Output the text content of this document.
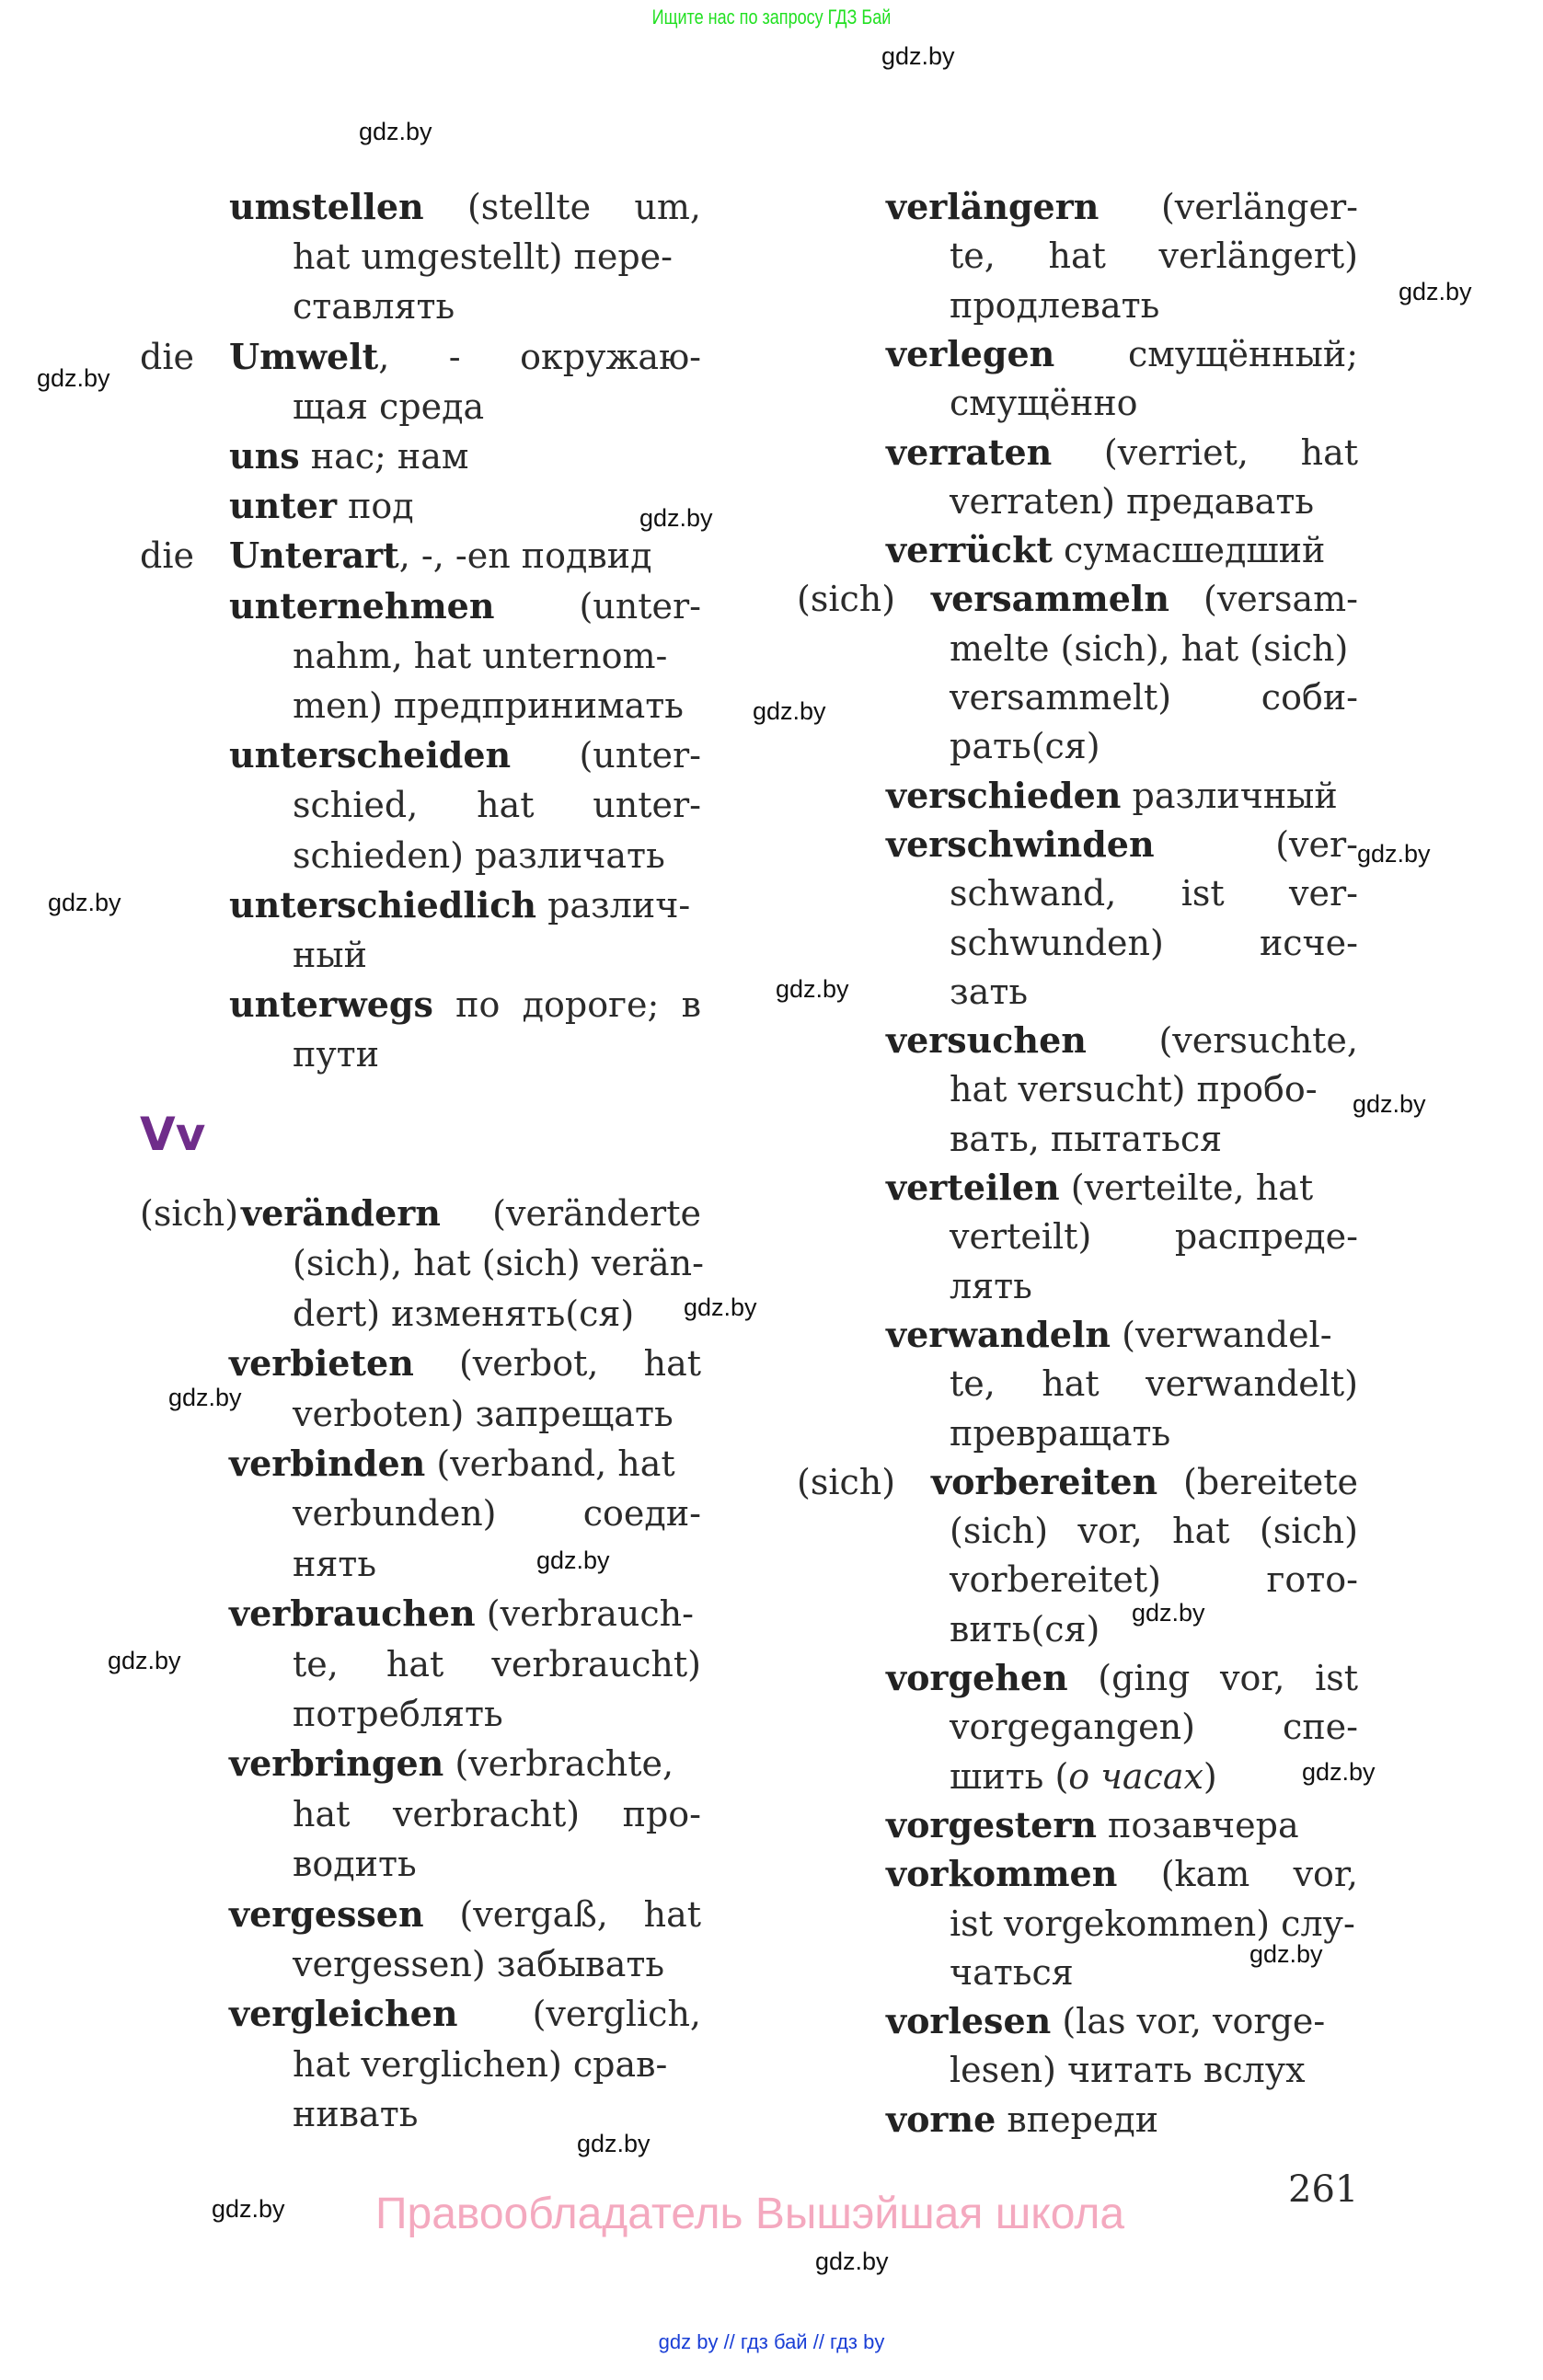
Ищите нас по запросу ГДЗ Бай
umstellen (stellte um,
hat umgestellt) пере-
ставлять
die Umwelt, - окружаю-
щая среда
uns нас; нам
unter под
die Unterart, -, -en подвид
unternehmen (unter-
nahm, hat unternom-
men) предпринимать
unterscheiden (unter-
schied, hat unter-
schieden) различать
unterschiedlich различ-
ный
unterwegs по дороге; в
пути
Vv
(sich) verändern (veränderte
(sich), hat (sich) verän-
dert) изменять(ся)
verbieten (verbot, hat
verboten) запрещать
verbinden (verband, hat
verbunden) соеди-
нять
verbrauchen (verbrauch-
te, hat verbraucht)
потреблять
verbringen (verbrachte,
hat verbracht) про-
водить
vergessen (vergaß, hat
vergessen) забывать
vergleichen (verglich,
hat verglichen) срав-
нивать
verlängern (verlänger-
te, hat verlängert)
продлевать
verlegen смущённый;
смущённо
verraten (verriet, hat
verraten) предавать
verrückt сумасшедший
(sich) versammeln (versam-
melte (sich), hat (sich)
versammelt) соби-
рать(ся)
verschieden различный
verschwinden (ver-
schwand, ist ver-
schwunden) исче-
зать
versuchen (versuchte,
hat versucht) пробо-
вать, пытаться
verteilen (verteilte, hat
verteilt) распреде-
лять
verwandeln (verwandel-
te, hat verwandelt)
превращать
(sich) vorbereiten (bereitete
(sich) vor, hat (sich)
vorbereitet) гото-
вить(ся)
vorgehen (ging vor, ist
vorgegangen) спе-
шить (о часах)
vorgestern позавчера
vorkommen (kam vor,
ist vorgekommen) слу-
чаться
vorlesen (las vor, vorge-
lesen) читать вслух
vorne впереди
gdz.by
gdz.by
gdz.by
gdz.by
gdz.by
gdz.by
gdz.by
gdz.by
gdz.by
gdz.by
gdz.by
gdz.by
gdz.by
gdz.by
gdz.by
gdz.by
gdz.by
gdz.by
gdz.by
gdz.by
Правообладатель Вышэйшая школа	261
gdz by // гдз бай // гдз by
